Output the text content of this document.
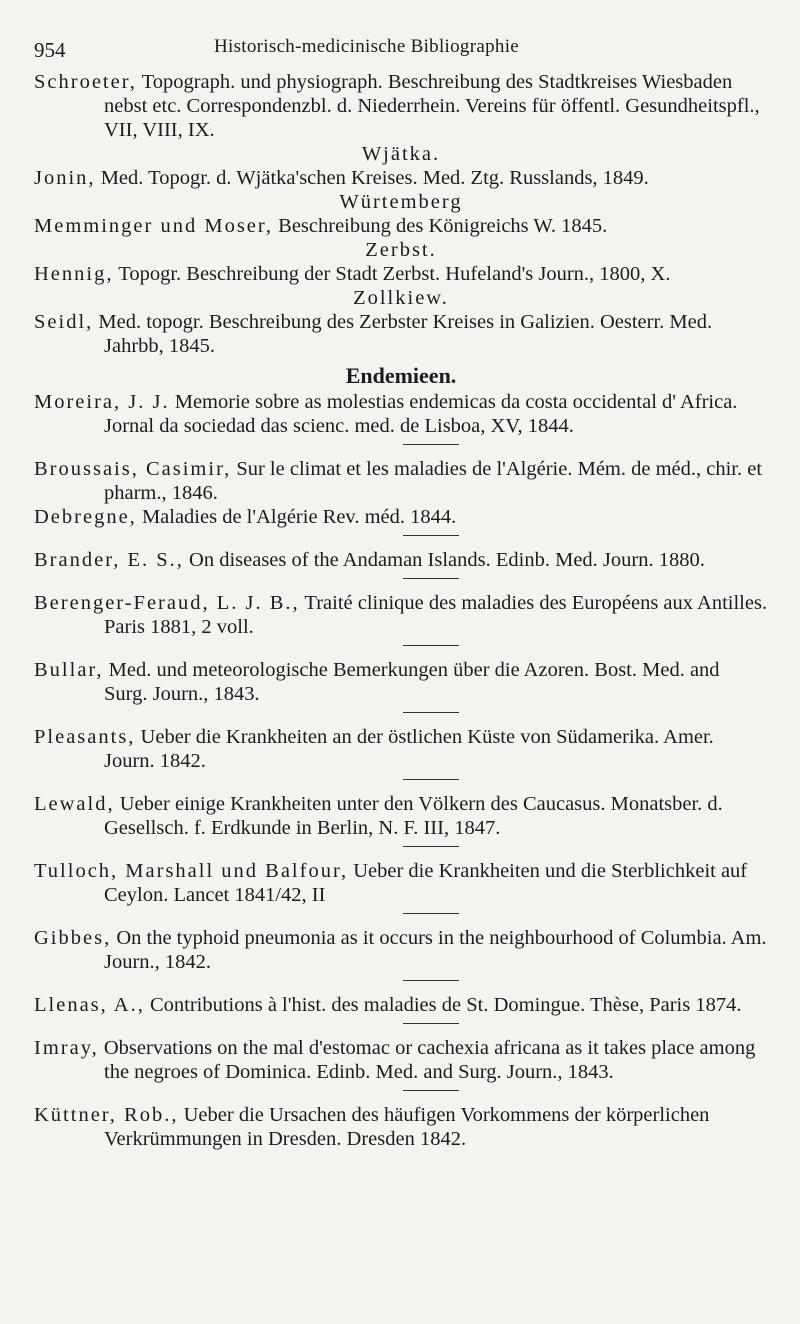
954	Historisch-medicinische Bibliographie

Schroeter, Topograph. und physiograph. Beschreibung des Stadtkreises Wiesbaden nebst etc. Correspondenzbl. d. Niederrhein. Vereins für öffentl. Gesundheitspfl., VII, VIII, IX.

Wjätka.

Jonin, Med. Topogr. d. Wjätka'schen Kreises. Med. Ztg. Russlands, 1849.

Würtemberg

Memminger und Moser, Beschreibung des Königreichs W. 1845.

Zerbst.

Hennig, Topogr. Beschreibung der Stadt Zerbst. Hufeland's Journ., 1800, X.

Zollkiew.

Seidl, Med. topogr. Beschreibung des Zerbster Kreises in Galizien. Oesterr. Med. Jahrbb, 1845.

Endemieen.

Moreira, J. J. Memorie sobre as molestias endemicas da costa occidental d' Africa. Jornal da sociedad das scienc. med. de Lisboa, XV, 1844.

Broussais, Casimir, Sur le climat et les maladies de l'Algérie. Mém. de méd., chir. et pharm., 1846.

Debregne, Maladies de l'Algérie Rev. méd. 1844.

Brander, E. S., On diseases of the Andaman Islands. Edinb. Med. Journ. 1880.

Berenger-Feraud, L. J. B., Traité clinique des maladies des Européens aux Antilles. Paris 1881, 2 voll.

Bullar, Med. und meteorologische Bemerkungen über die Azoren. Bost. Med. and Surg. Journ., 1843.

Pleasants, Ueber die Krankheiten an der östlichen Küste von Südamerika. Amer. Journ. 1842.

Lewald, Ueber einige Krankheiten unter den Völkern des Caucasus. Monatsber. d. Gesellsch. f. Erdkunde in Berlin, N. F. III, 1847.

Tulloch, Marshall und Balfour, Ueber die Krankheiten und die Sterblichkeit auf Ceylon. Lancet 1841/42, II

Gibbes, On the typhoid pneumonia as it occurs in the neighbourhood of Columbia. Am. Journ., 1842.

Llenas, A., Contributions à l'hist. des maladies de St. Domingue. Thèse, Paris 1874.

Imray, Observations on the mal d'estomac or cachexia africana as it takes place among the negroes of Dominica. Edinb. Med. and Surg. Journ., 1843.

Küttner, Rob., Ueber die Ursachen des häufigen Vorkommens der körperlichen Verkrümmungen in Dresden. Dresden 1842.
